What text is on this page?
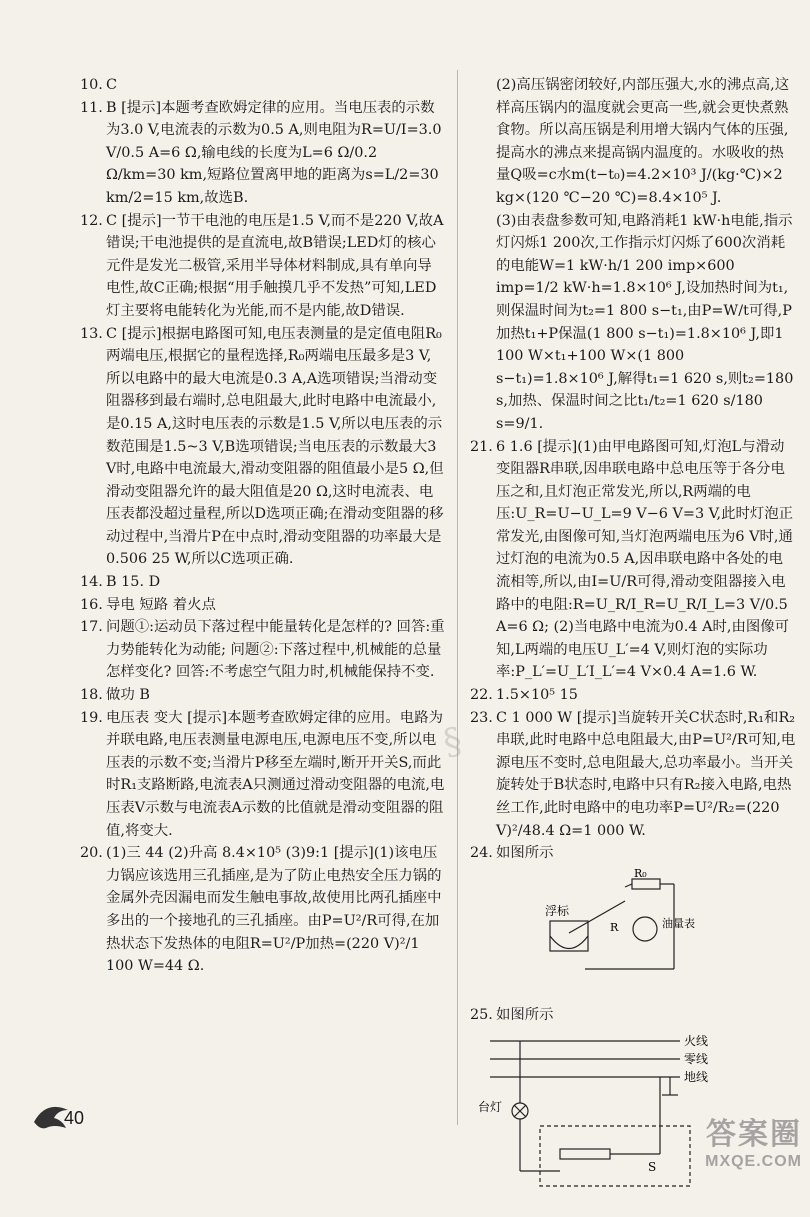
10. C
11. B [提示]本题考查欧姆定律的应用。当电压表的示数为3.0 V,电流表的示数为0.5 A,则电阻为R=U/I=3.0 V/0.5 A=6 Ω,输电线的长度为L=6 Ω/0.2 Ω/km=30 km,短路位置离甲地的距离为s=L/2=30 km/2=15 km,故选B.
12. C [提示]一节干电池的电压是1.5 V,而不是220 V,故A错误;干电池提供的是直流电,故B错误;LED灯的核心元件是发光二极管,采用半导体材料制成,具有单向导电性,故C正确;根据“用手触摸几乎不发热”可知,LED灯主要将电能转化为光能,而不是内能,故D错误.
13. C [提示]根据电路图可知,电压表测量的是定值电阻R₀两端电压,根据它的量程选择,R₀两端电压最多是3 V,所以电路中的最大电流是0.3 A,A选项错误;当滑动变阻器移到最右端时,总电阻最大,此时电路中电流最小,是0.15 A,这时电压表的示数是1.5 V,所以电压表的示数范围是1.5~3 V,B选项错误;当电压表的示数最大3 V时,电路中电流最大,滑动变阻器的阻值最小是5 Ω,但滑动变阻器允许的最大阻值是20 Ω,这时电流表、电压表都没超过量程,所以D选项正确;在滑动变阻器的移动过程中,当滑片P在中点时,滑动变阻器的功率最大是0.506 25 W,所以C选项正确.
14. B 15. D
16. 导电 短路 着火点
17. 问题①:运动员下落过程中能量转化是怎样的? 回答:重力势能转化为动能; 问题②:下落过程中,机械能的总量怎样变化? 回答:不考虑空气阻力时,机械能保持不变.
18. 做功 B
19. 电压表 变大 [提示]本题考查欧姆定律的应用。电路为并联电路,电压表测量电源电压,电源电压不变,所以电压表的示数不变;当滑片P移至左端时,断开开关S,而此时R₁支路断路,电流表A只测通过滑动变阻器的电流,电压表V示数与电流表A示数的比值就是滑动变阻器的阻值,将变大.
20. (1)三 44 (2)升高 8.4×10⁵ (3)9:1 [提示](1)该电压力锅应该选用三孔插座,是为了防止电热安全压力锅的金属外壳因漏电而发生触电事故,故使用比两孔插座中多出的一个接地孔的三孔插座。由P=U²/R可得,在加热状态下发热体的电阻R=U²/P加热=(220 V)²/1 100 W=44 Ω.
(2)高压锅密闭较好,内部压强大,水的沸点高,这样高压锅内的温度就会更高一些,就会更快煮熟食物。所以高压锅是利用增大锅内气体的压强,提高水的沸点来提高锅内温度的。水吸收的热量Q吸=c水m(t−t₀)=4.2×10³ J/(kg·℃)×2 kg×(120 ℃−20 ℃)=8.4×10⁵ J.
(3)由表盘参数可知,电路消耗1 kW·h电能,指示灯闪烁1 200次,工作指示灯闪烁了600次消耗的电能W=1 kW·h/1 200 imp×600 imp=1/2 kW·h=1.8×10⁶ J,设加热时间为t₁,则保温时间为t₂=1 800 s−t₁,由P=W/t可得,P加热t₁+P保温(1 800 s−t₁)=1.8×10⁶ J,即1 100 W×t₁+100 W×(1 800 s−t₁)=1.8×10⁶ J,解得t₁=1 620 s,则t₂=180 s,加热、保温时间之比t₁/t₂=1 620 s/180 s=9/1.
21. 6 1.6 [提示](1)由甲电路图可知,灯泡L与滑动变阻器R串联,因串联电路中总电压等于各分电压之和,且灯泡正常发光,所以,R两端的电压:U_R=U−U_L=9 V−6 V=3 V,此时灯泡正常发光,由图像可知,当灯泡两端电压为6 V时,通过灯泡的电流为0.5 A,因串联电路中各处的电流相等,所以,由I=U/R可得,滑动变阻器接入电路中的电阻:R=U_R/I_R=U_R/I_L=3 V/0.5 A=6 Ω; (2)当电路中电流为0.4 A时,由图像可知,L两端的电压U_L′=4 V,则灯泡的实际功率:P_L′=U_L′I_L′=4 V×0.4 A=1.6 W.
22. 1.5×10⁵ 15
23. C 1 000 W [提示]当旋转开关C状态时,R₁和R₂串联,此时电路中总电阻最大,由P=U²/R可知,电源电压不变时,总电阻最大,总功率最小。当开关旋转处于B状态时,电路中只有R₂接入电路,电热丝工作,此时电路中的电功率P=U²/R₂=(220 V)²/48.4 Ω=1 000 W.
24. 如图所示
浮标
R₀
油量表
R
25. 如图所示
火线
零线
地线
台灯
S
40
§
答案圈
MXQE.COM
